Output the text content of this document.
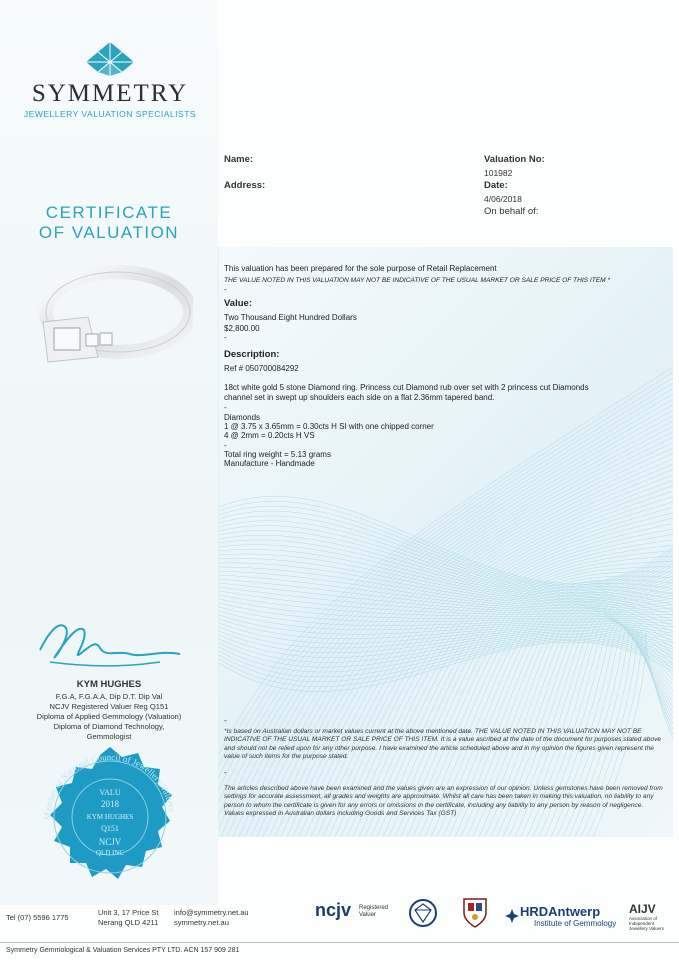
SYMMETRY
JEWELLERY VALUATION SPECIALISTS
CERTIFICATE
OF VALUATION
KYM HUGHES
F.G.A, F.G.A.A, Dip D.T. Dip Val
NCJV Registered Valuer Reg Q151
Diploma of Applied Gemmology (Valuation)
Diploma of Diamond Technology,
Gemmologist
Member of National Council of Jewellery Valuers
VALU
2018
KYM HUGHES
Q151
NCJV
QLD INC
Name:
Address:
Valuation No:
101982
Date:
4/06/2018
On behalf of:
This valuation has been prepared for the sole purpose of Retail Replacement
THE VALUE NOTED IN THIS VALUATION MAY NOT BE INDICATIVE OF THE USUAL MARKET OR SALE PRICE OF THIS ITEM *
-
Value:
Two Thousand Eight Hundred Dollars
$2,800.00
-
Description:
Ref # 050700084292
18ct white gold 5 stone Diamond ring. Princess cut Diamond rub over set with 2 princess cut Diamonds
channel set in swept up shoulders each side on a flat 2.36mm tapered band.
-
Diamonds
1 @ 3.75 x 3.65mm = 0.30cts H SI with one chipped corner
4 @ 2mm = 0.20cts H VS
-
Total ring weight = 5.13 grams
Manufacture - Handmade
-
*Is based on Australian dollars or market values current at the above mentioned date. THE VALUE NOTED IN THIS VALUATION MAY NOT BE INDICATIVE OF THE USUAL MARKET OR SALE PRICE OF THIS ITEM. It is a value ascribed at the date of the document for purposes stated above and should not be relied upon for any other purpose. I have examined the article scheduled above and in my opinion the figures given represent the value of such items for the purpose stated.
-
The articles described above have been examined and the values given are an expression of our opinion. Unless gemstones have been removed from settings for accurate assessment, all grades and weights are approximate. Whilst all care has been taken in making this valuation, no liability to any person to whom the certificate is given for any errors or omissions in the certificate, including any liability to any person by reason of negligence. Values expressed in Australian dollars including Goods and Services Tax (GST)
Tel (07) 5596 1775
Unit 3, 17 Price St
Nerang QLD 4211
info@symmetry.net.au
symmetry.net.au
ncjv Registered Valuer	HRDAntwerp
Institute of Gemmology
AIJV
Association of Independent Jewellery Valuers
Symmetry Gemmological & Valuation Services PTY LTD. ACN 157 909 281
